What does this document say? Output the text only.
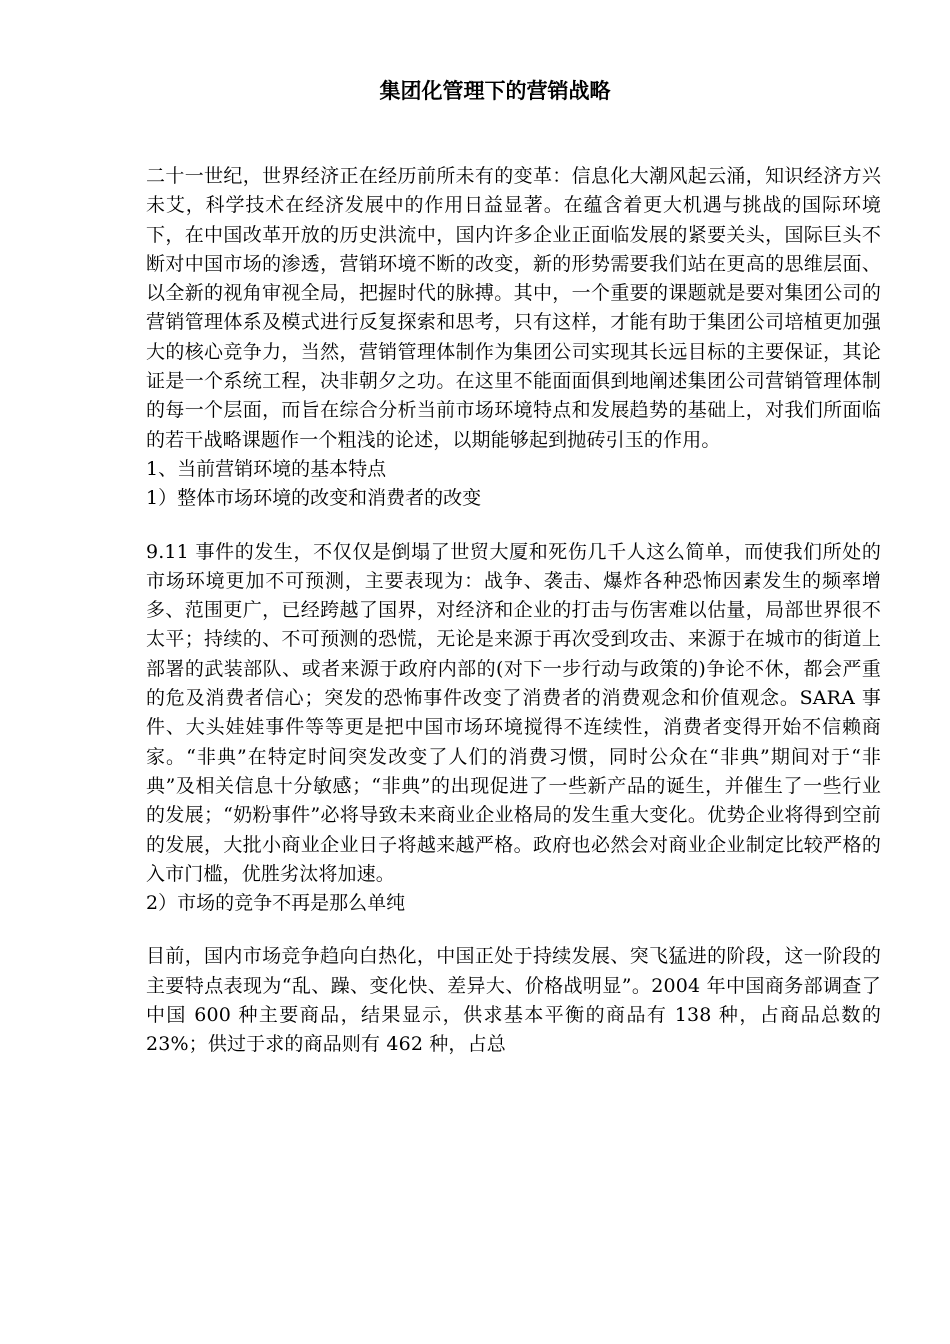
集团化管理下的营销战略

二十一世纪，世界经济正在经历前所未有的变革：信息化大潮风起云涌，知识经济方兴未艾，科学技术在经济发展中的作用日益显著。在蕴含着更大机遇与挑战的国际环境下，在中国改革开放的历史洪流中，国内许多企业正面临发展的紧要关头，国际巨头不断对中国市场的渗透，营销环境不断的改变，新的形势需要我们站在更高的思维层面、以全新的视角审视全局，把握时代的脉搏。其中，一个重要的课题就是要对集团公司的营销管理体系及模式进行反复探索和思考，只有这样，才能有助于集团公司培植更加强大的核心竞争力，当然，营销管理体制作为集团公司实现其长远目标的主要保证，其论证是一个系统工程，决非朝夕之功。在这里不能面面俱到地阐述集团公司营销管理体制的每一个层面，而旨在综合分析当前市场环境特点和发展趋势的基础上，对我们所面临的若干战略课题作一个粗浅的论述，以期能够起到抛砖引玉的作用。

1、当前营销环境的基本特点

1）整体市场环境的改变和消费者的改变

9.11 事件的发生，不仅仅是倒塌了世贸大厦和死伤几千人这么简单，而使我们所处的市场环境更加不可预测，主要表现为：战争、袭击、爆炸各种恐怖因素发生的频率增多、范围更广，已经跨越了国界，对经济和企业的打击与伤害难以估量，局部世界很不太平；持续的、不可预测的恐慌，无论是来源于再次受到攻击、来源于在城市的街道上部署的武装部队、或者来源于政府内部的(对下一步行动与政策的)争论不休，都会严重的危及消费者信心；突发的恐怖事件改变了消费者的消费观念和价值观念。SARA 事件、大头娃娃事件等等更是把中国市场环境搅得不连续性，消费者变得开始不信赖商家。“非典”在特定时间突发改变了人们的消费习惯，同时公众在“非典”期间对于“非典”及相关信息十分敏感；“非典”的出现促进了一些新产品的诞生，并催生了一些行业的发展；“奶粉事件”必将导致未来商业企业格局的发生重大变化。优势企业将得到空前的发展，大批小商业企业日子将越来越严格。政府也必然会对商业企业制定比较严格的入市门槛，优胜劣汰将加速。

2）市场的竞争不再是那么单纯

目前，国内市场竞争趋向白热化，中国正处于持续发展、突飞猛进的阶段，这一阶段的主要特点表现为“乱、躁、变化快、差异大、价格战明显”。2004 年中国商务部调查了中国 600 种主要商品，结果显示，供求基本平衡的商品有 138 种，占商品总数的 23%；供过于求的商品则有 462 种，占总
